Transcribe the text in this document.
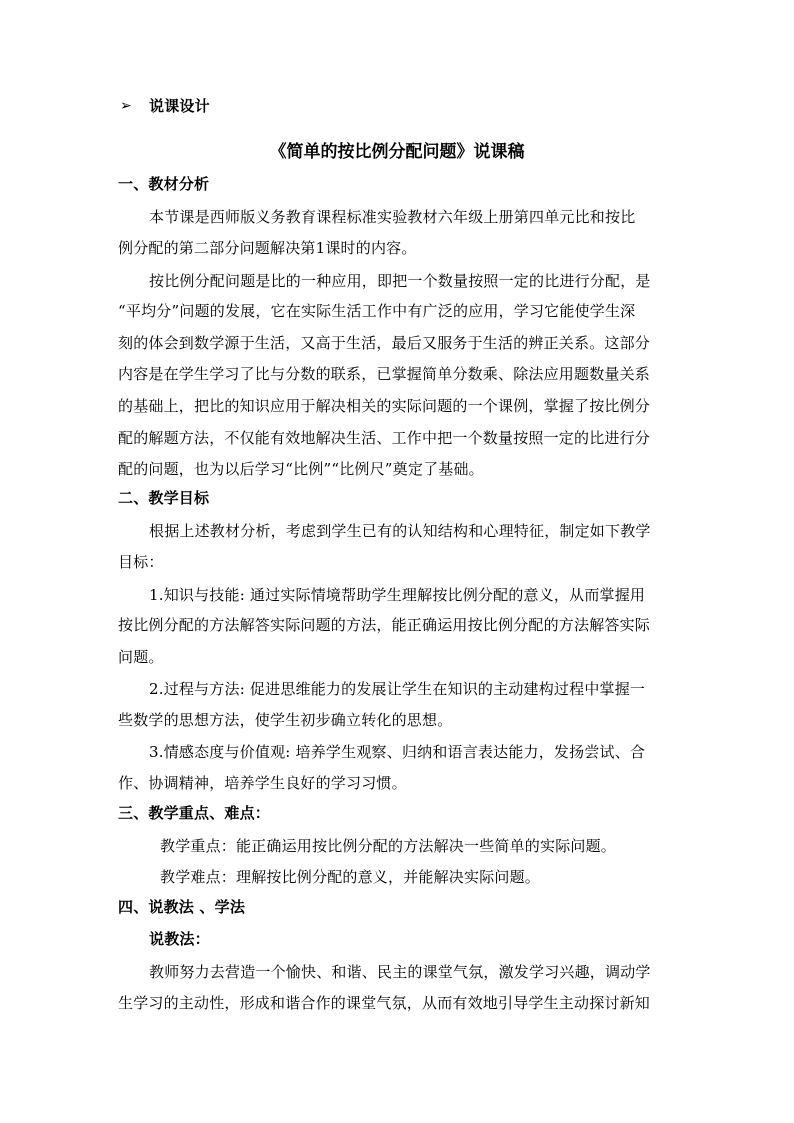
➢ 说课设计
《简单的按比例分配问题》说课稿
一、教材分析
本节课是西师版义务教育课程标准实验教材六年级上册第四单元比和按比
例分配的第二部分问题解决第1课时的内容。
按比例分配问题是比的一种应用，即把一个数量按照一定的比进行分配，是
“平均分”问题的发展，它在实际生活工作中有广泛的应用，学习它能使学生深
刻的体会到数学源于生活，又高于生活，最后又服务于生活的辨正关系。这部分
内容是在学生学习了比与分数的联系，已掌握简单分数乘、除法应用题数量关系
的基础上，把比的知识应用于解决相关的实际问题的一个课例，掌握了按比例分
配的解题方法，不仅能有效地解决生活、工作中把一个数量按照一定的比进行分
配的问题，也为以后学习“比例”“比例尺”奠定了基础。
二、教学目标
根据上述教材分析，考虑到学生已有的认知结构和心理特征，制定如下教学
目标：
1.知识与技能: 通过实际情境帮助学生理解按比例分配的意义，从而掌握用
按比例分配的方法解答实际问题的方法，能正确运用按比例分配的方法解答实际
问题。
2.过程与方法: 促进思维能力的发展让学生在知识的主动建构过程中掌握一
些数学的思想方法，使学生初步确立转化的思想。
3.情感态度与价值观: 培养学生观察、归纳和语言表达能力，发扬尝试、合
作、协调精神，培养学生良好的学习习惯。
三、教学重点、难点：
教学重点：能正确运用按比例分配的方法解决一些简单的实际问题。
教学难点：理解按比例分配的意义，并能解决实际问题。
四、说教法 、学法
说教法：
教师努力去营造一个愉快、和谐、民主的课堂气氛，激发学习兴趣，调动学
生学习的主动性，形成和谐合作的课堂气氛，从而有效地引导学生主动探讨新知
